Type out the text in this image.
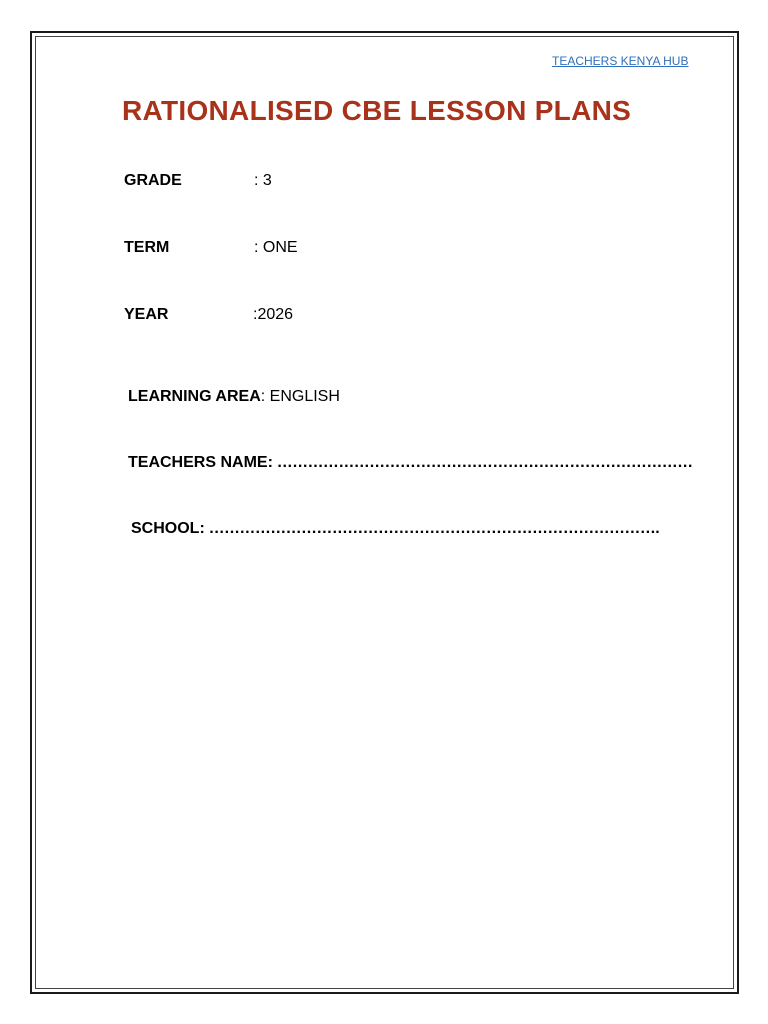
TEACHERS KENYA HUB
RATIONALISED CBE LESSON PLANS
GRADE	: 3
TERM	: ONE
YEAR	:2026
LEARNING AREA: ENGLISH
TEACHERS NAME: ………………………………………………………………………
SCHOOL: …………………………………………………………………………….
